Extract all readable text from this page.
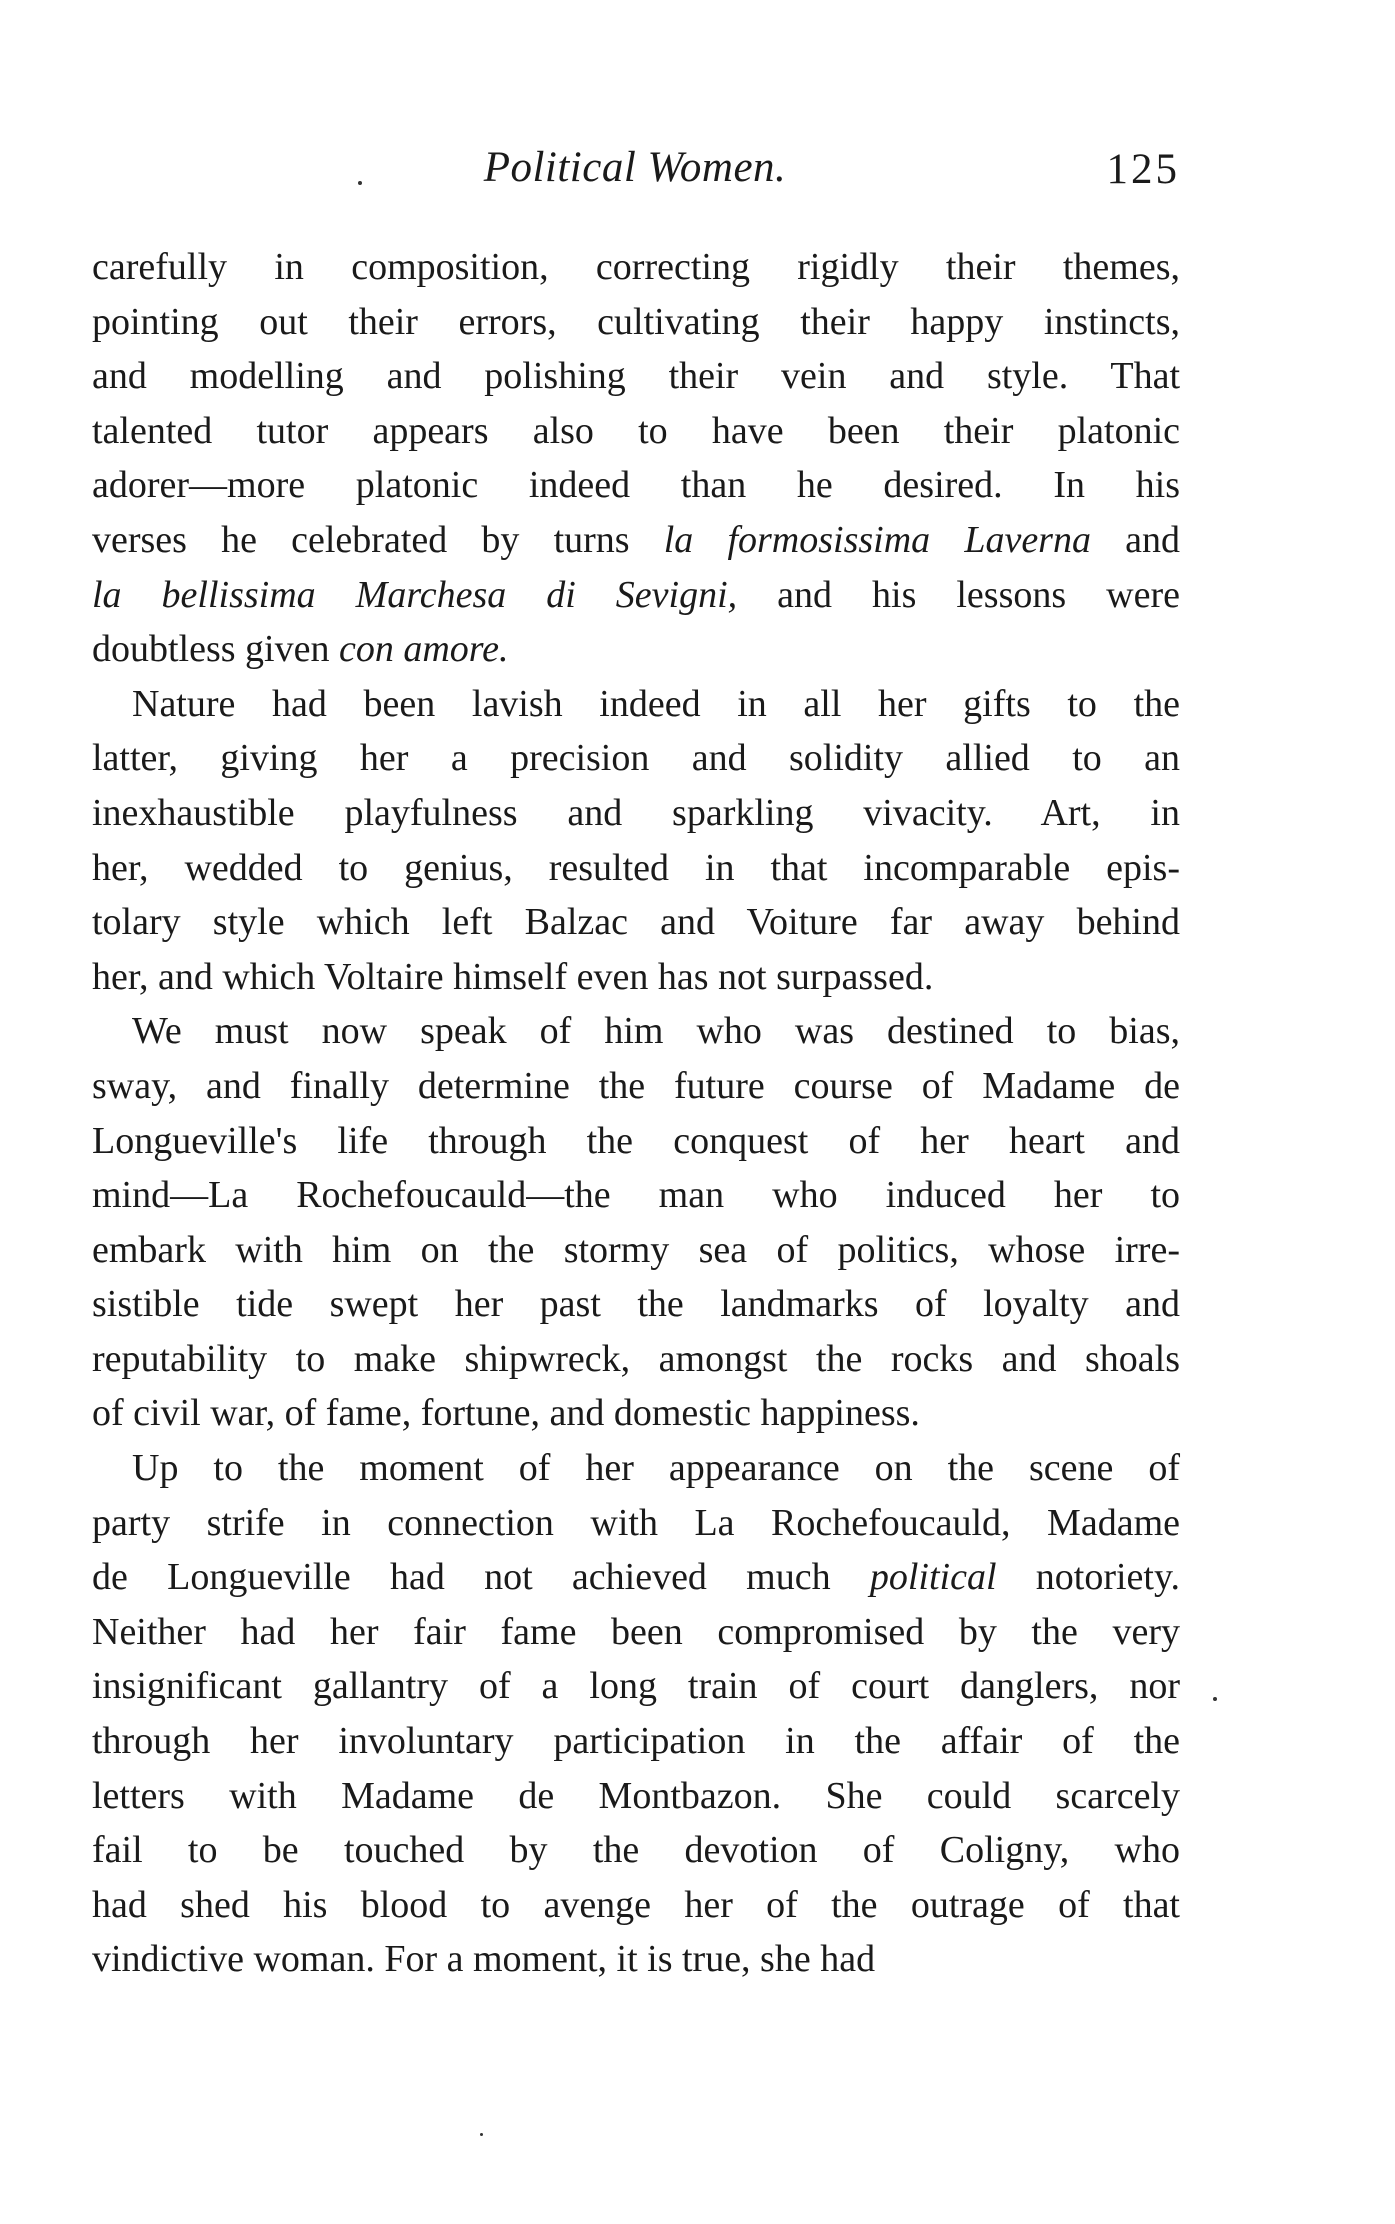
Political Women.	125
carefully in composition, correcting rigidly their themes,
pointing out their errors, cultivating their happy instincts,
and modelling and polishing their vein and style. That
talented tutor appears also to have been their platonic
adorer—more platonic indeed than he desired. In his
verses he celebrated by turns la formosissima Laverna and
la bellissima Marchesa di Sevigni, and his lessons were
doubtless given con amore.
Nature had been lavish indeed in all her gifts to the
latter, giving her a precision and solidity allied to an
inexhaustible playfulness and sparkling vivacity. Art, in
her, wedded to genius, resulted in that incomparable epis-
tolary style which left Balzac and Voiture far away behind
her, and which Voltaire himself even has not surpassed.
We must now speak of him who was destined to bias,
sway, and finally determine the future course of Madame de
Longueville's life through the conquest of her heart and
mind—La Rochefoucauld—the man who induced her to
embark with him on the stormy sea of politics, whose irre-
sistible tide swept her past the landmarks of loyalty and
reputability to make shipwreck, amongst the rocks and shoals
of civil war, of fame, fortune, and domestic happiness.
Up to the moment of her appearance on the scene of
party strife in connection with La Rochefoucauld, Madame
de Longueville had not achieved much political notoriety.
Neither had her fair fame been compromised by the very
insignificant gallantry of a long train of court danglers, nor
through her involuntary participation in the affair of the
letters with Madame de Montbazon. She could scarcely
fail to be touched by the devotion of Coligny, who
had shed his blood to avenge her of the outrage of that
vindictive woman. For a moment, it is true, she had
